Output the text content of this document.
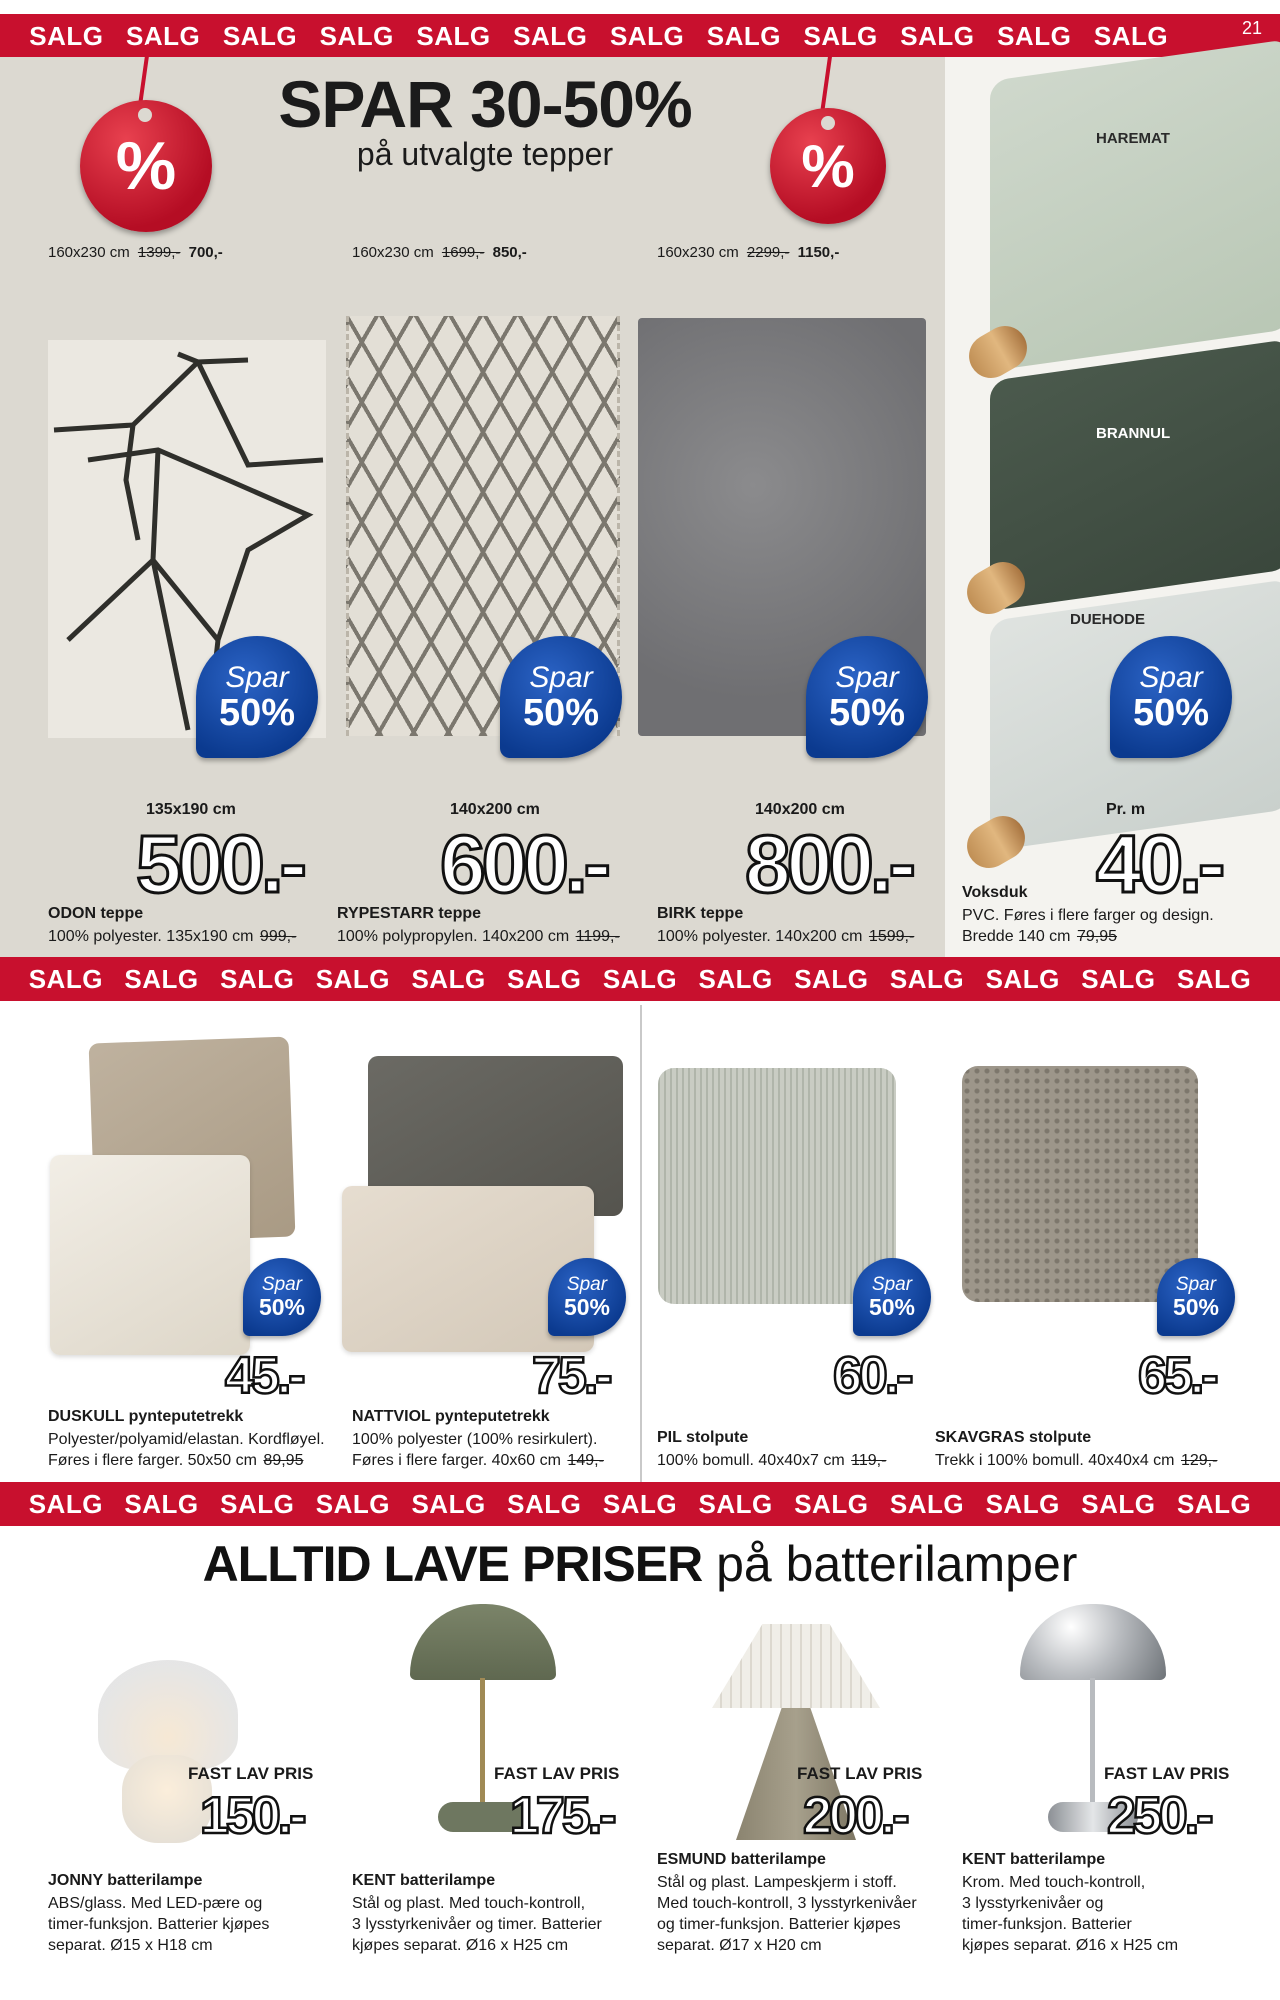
SALG SALG SALG SALG SALG SALG SALG SALG SALG SALG SALG SALG	21
%	%
SPAR 30-50%
på utvalgte tepper
160x230 cm 1399,- 700,-	160x230 cm 1699,- 850,-	160x230 cm 2299,- 1150,-
Spar
50%
Spar
50%
Spar
50%
135x190 cm	140x200 cm	140x200 cm
500.- 600.- 800.-
ODON teppe
100% polyester. 135x190 cm 999,-
RYPESTARR teppe
100% polypropylen. 140x200 cm 1199,-
BIRK teppe
100% polyester. 140x200 cm 1599,-
HAREMAT
BRANNUL
DUEHODE
Spar
50%
Pr. m
40.-
Voksduk
PVC. Føres i flere farger og design.
Bredde 140 cm 79,95
SALG SALG SALG SALG SALG SALG SALG SALG SALG SALG SALG SALG SALG
Spar
50%
Spar
50%
Spar
50%
Spar
50%
45.-	75.-	60.-	65.-
DUSKULL pynteputetrekk
Polyester/polyamid/elastan. Kordfløyel.
Føres i flere farger. 50x50 cm 89,95
NATTVIOL pynteputetrekk
100% polyester (100% resirkulert).
Føres i flere farger. 40x60 cm 149,-
PIL stolpute
100% bomull. 40x40x7 cm 119,-
SKAVGRAS stolpute
Trekk i 100% bomull. 40x40x4 cm 129,-
SALG SALG SALG SALG SALG SALG SALG SALG SALG SALG SALG SALG SALG
ALLTID LAVE PRISER på batterilamper
FAST LAV PRIS	FAST LAV PRIS	FAST LAV PRIS	FAST LAV PRIS
150.-	175.-	200.-	250.-
JONNY batterilampe
ABS/glass. Med LED-pære og
timer-funksjon. Batterier kjøpes
separat. Ø15 x H18 cm
KENT batterilampe
Stål og plast. Med touch-kontroll,
3 lysstyrkenivåer og timer. Batterier
kjøpes separat. Ø16 x H25 cm
ESMUND batterilampe
Stål og plast. Lampeskjerm i stoff.
Med touch-kontroll, 3 lysstyrkenivåer
og timer-funksjon. Batterier kjøpes
separat. Ø17 x H20 cm
KENT batterilampe
Krom. Med touch-kontroll,
3 lysstyrkenivåer og
timer-funksjon. Batterier
kjøpes separat. Ø16 x H25 cm
